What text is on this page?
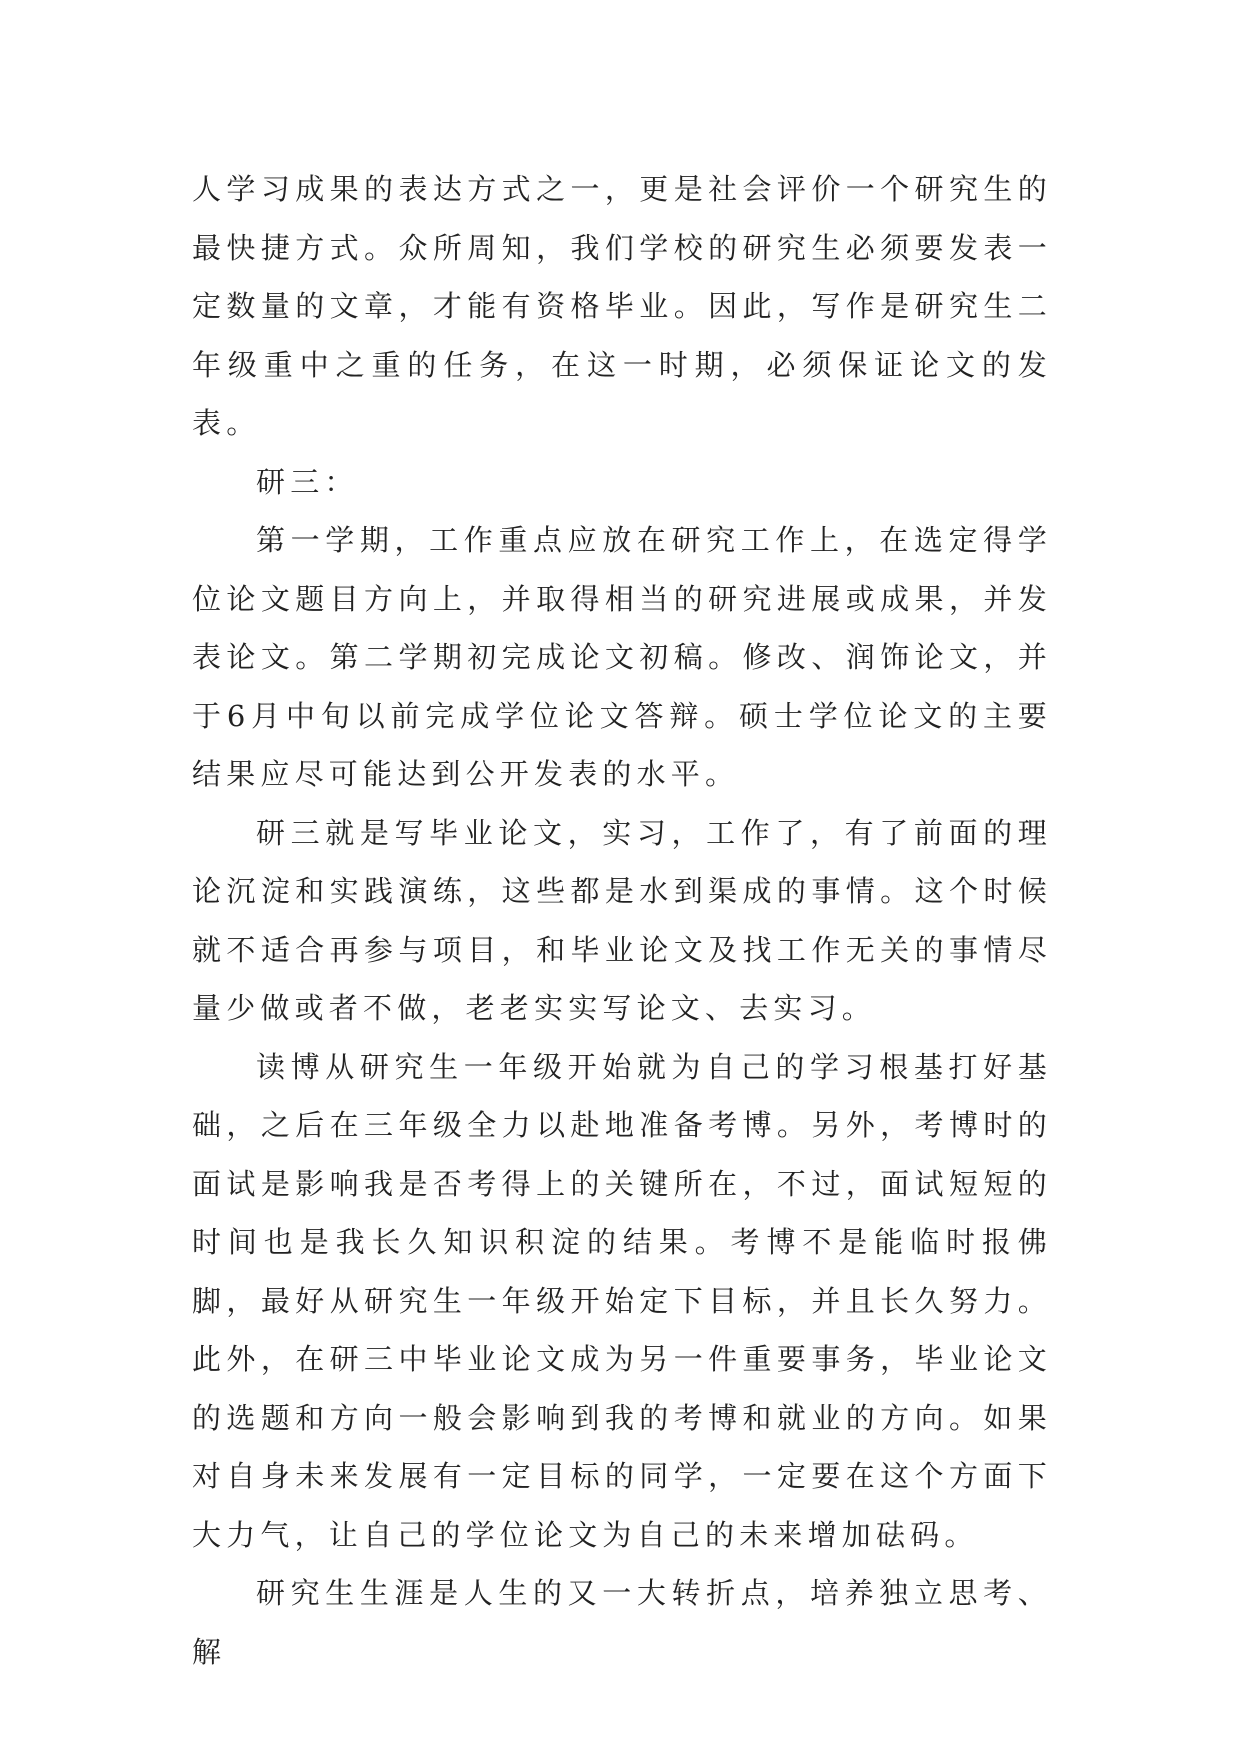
人学习成果的表达方式之一，更是社会评价一个研究生的最快捷方式。众所周知，我们学校的研究生必须要发表一定数量的文章，才能有资格毕业。因此，写作是研究生二年级重中之重的任务，在这一时期，必须保证论文的发表。

研三：

第一学期，工作重点应放在研究工作上，在选定得学位论文题目方向上，并取得相当的研究进展或成果，并发表论文。第二学期初完成论文初稿。修改、润饰论文，并于6月中旬以前完成学位论文答辩。硕士学位论文的主要结果应尽可能达到公开发表的水平。

研三就是写毕业论文，实习，工作了，有了前面的理论沉淀和实践演练，这些都是水到渠成的事情。这个时候就不适合再参与项目，和毕业论文及找工作无关的事情尽量少做或者不做，老老实实写论文、去实习。

读博从研究生一年级开始就为自己的学习根基打好基础，之后在三年级全力以赴地准备考博。另外，考博时的面试是影响我是否考得上的关键所在，不过，面试短短的时间也是我长久知识积淀的结果。考博不是能临时报佛脚，最好从研究生一年级开始定下目标，并且长久努力。此外，在研三中毕业论文成为另一件重要事务，毕业论文的选题和方向一般会影响到我的考博和就业的方向。如果对自身未来发展有一定目标的同学，一定要在这个方面下大力气，让自己的学位论文为自己的未来增加砝码。

研究生生涯是人生的又一大转折点，培养独立思考、解
